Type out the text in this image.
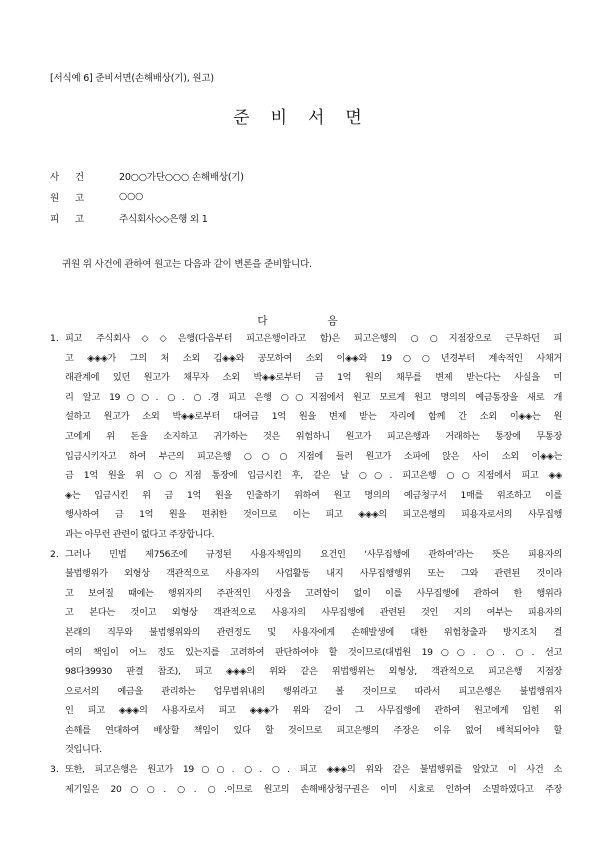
[서식예 6] 준비서면(손해배상(기), 원고)
준비서면
사 건	20○○가단○○○ 손해배상(기)
원 고	○○○
피 고	주식회사◇◇은행 외 1
귀원 위 사건에 관하여 원고는 다음과 같이 변론을 준비합니다.
다음
1. 피고 주식회사◇◇은행(다음부터 피고은행이라고 함)은 피고은행의 ○○지점장으로 근무하던 피
고 ◈◈◈가 그의 처 소외 김◈◈와 공모하여 소외 이◈◈와 19○○년경부터 계속적인 사채거
래관계에 있던 원고가 채무자 소외 박◈◈로부터 금 1억 원의 채무를 변제 받는다는 사실을 미
리 알고 19○○. ○. ○.경 피고 은행 ○○지점에서 원고 모르게 원고 명의의 예금통장을 새로 개
설하고 원고가 소외 박◈◈로부터 대여금 1억 원을 변제 받는 자리에 함께 간 소외 이◈◈는 원
고에게 위 돈을 소지하고 귀가하는 것은 위험하니 원고가 피고은행과 거래하는 통장에 무통장
입금시키자고 하여 부근의 피고은행 ○○○지점에 들러 원고가 소파에 앉은 사이 소외 이◈◈는
금 1억 원을 위 ○○지점 통장에 입금시킨 후, 같은 날 ○○. 피고은행 ○○지점에서 피고 ◈◈
◈는 입금시킨 위 금 1억 원을 인출하기 위하여 원고 명의의 예금청구서 1매를 위조하고 이를
행사하여 금 1억 원을 편취한 것이므로 이는 피고 ◈◈◈의 피고은행의 피용자로서의 사무집행
과는 아무런 관련이 없다고 주장합니다.
2. 그러나 민법 제756조에 규정된 사용자책임의 요건인 ‘사무집행에 관하여’라는 뜻은 피용자의
불법행위가 외형상 객관적으로 사용자의 사업활동 내지 사무집행행위 또는 그와 관련된 것이라
고 보여질 때에는 행위자의 주관적인 사정을 고려함이 없이 이를 사무집행에 관하여 한 행위라
고 본다는 것이고 외형상 객관적으로 사용자의 사무집행에 관련된 것인 지의 여부는 피용자의
본래의 직무와 불법행위와의 관련정도 및 사용자에게 손해발생에 대한 위험창출과 방지조치 결
여의 책임이 어느 정도 있는지를 고려하여 판단하여야 할 것이므로(대법원 19○○. ○. ○. 선고
98다39930 판결 참조), 피고 ◈◈◈의 위와 같은 위법행위는 외형상, 객관적으로 피고은행 지점장
으로서의 예금을 관리하는 업무범위내의 행위라고 볼 것이므로 따라서 피고은행은 불법행위자
인 피고 ◈◈◈의 사용자로서 피고 ◈◈◈가 위와 같이 그 사무집행에 관하여 원고에게 입힌 위
손해를 연대하여 배상할 책임이 있다 할 것이므로 피고은행의 주장은 이유 없어 배척되어야 할
것입니다.
3. 또한, 피고은행은 원고가 19○○. ○. ○. 피고 ◈◈◈의 위와 같은 불법행위를 알았고 이 사건 소
제기일은 20○○. ○. ○.이므로 원고의 손해배상청구권은 이미 시효로 인하여 소멸하였다고 주장
